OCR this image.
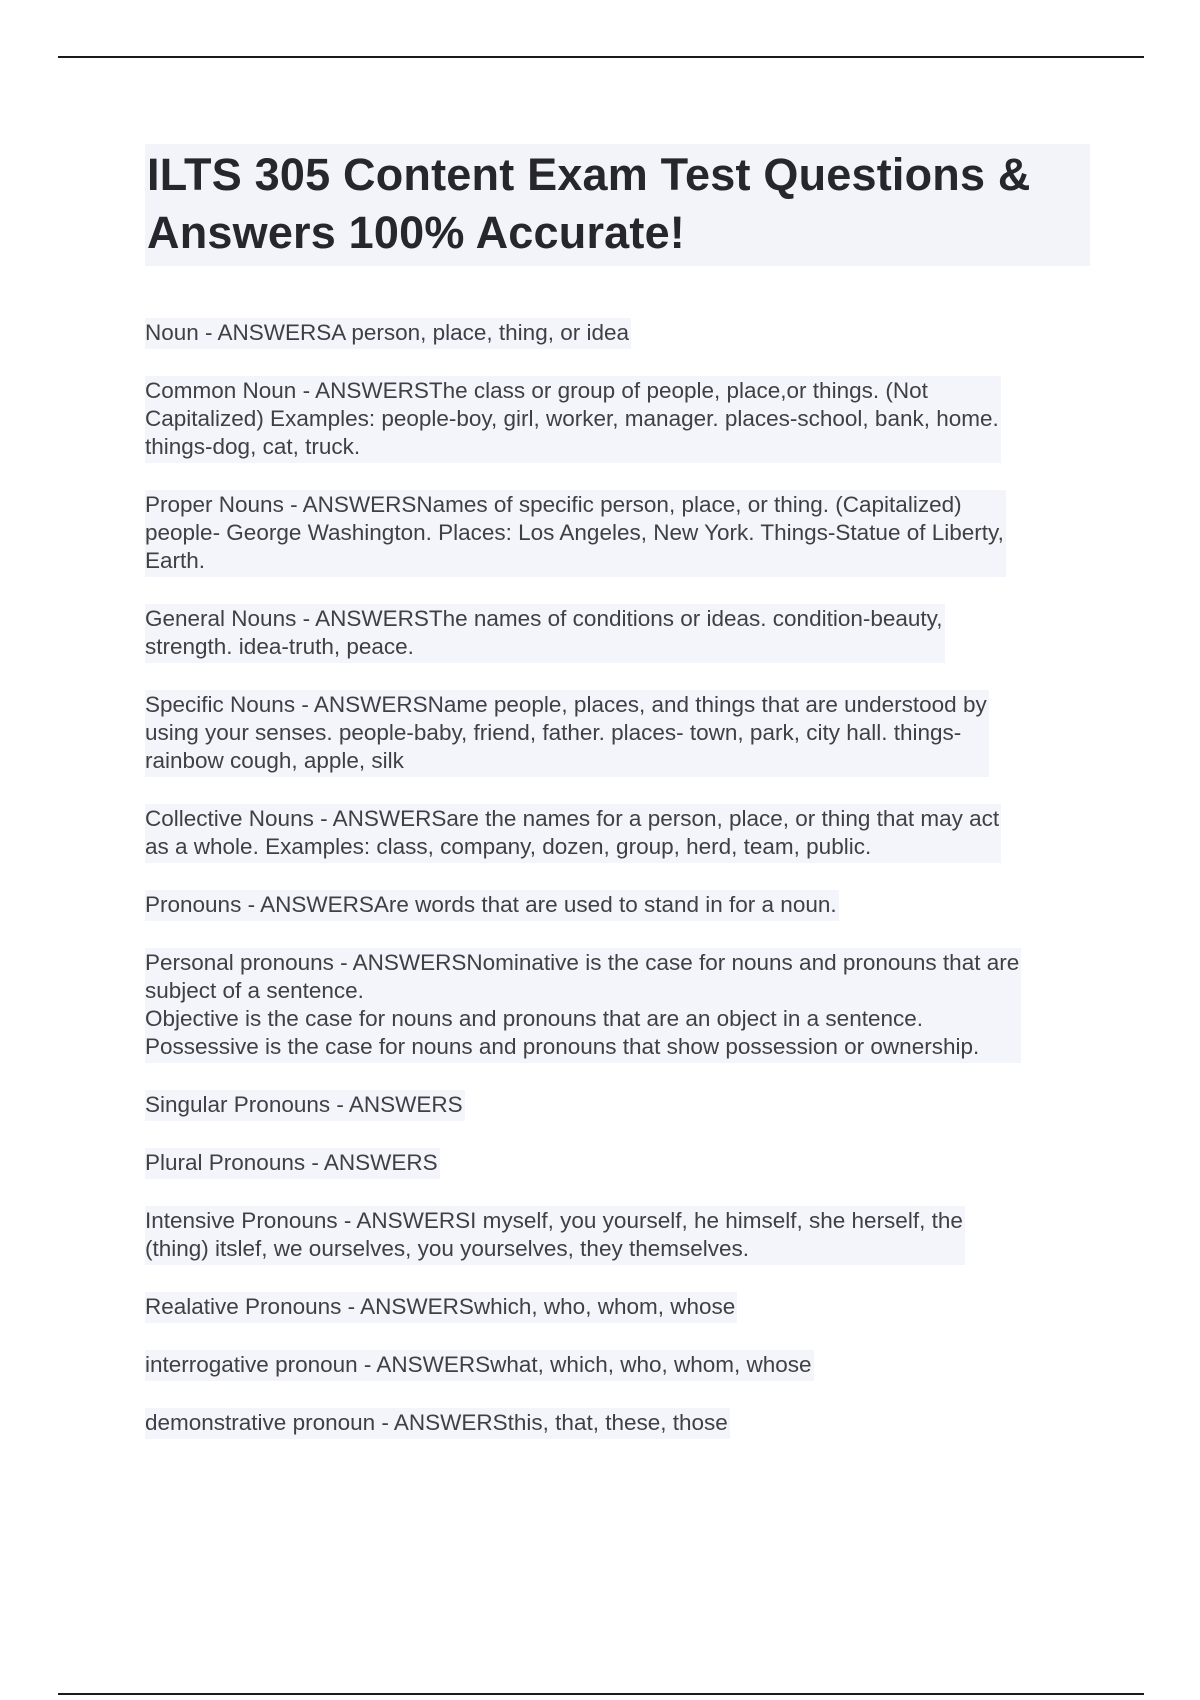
ILTS 305 Content Exam Test Questions & Answers 100% Accurate!
Noun - ANSWERSA person, place, thing, or idea
Common Noun - ANSWERSThe class or group of people, place,or things. (Not
Capitalized) Examples: people-boy, girl, worker, manager. places-school, bank, home.
things-dog, cat, truck.
Proper Nouns - ANSWERSNames of specific person, place, or thing. (Capitalized)
people- George Washington. Places: Los Angeles, New York. Things-Statue of Liberty,
Earth.
General Nouns - ANSWERSThe names of conditions or ideas. condition-beauty,
strength. idea-truth, peace.
Specific Nouns - ANSWERSName people, places, and things that are understood by
using your senses. people-baby, friend, father. places- town, park, city hall. things-
rainbow cough, apple, silk
Collective Nouns - ANSWERSare the names for a person, place, or thing that may act
as a whole. Examples: class, company, dozen, group, herd, team, public.
Pronouns - ANSWERSAre words that are used to stand in for a noun.
Personal pronouns - ANSWERSNominative is the case for nouns and pronouns that are
subject of a sentence.
Objective is the case for nouns and pronouns that are an object in a sentence.
Possessive is the case for nouns and pronouns that show possession or ownership.
Singular Pronouns - ANSWERS
Plural Pronouns - ANSWERS
Intensive Pronouns - ANSWERSI myself, you yourself, he himself, she herself, the
(thing) itslef, we ourselves, you yourselves, they themselves.
Realative Pronouns - ANSWERSwhich, who, whom, whose
interrogative pronoun - ANSWERSwhat, which, who, whom, whose
demonstrative pronoun - ANSWERSthis, that, these, those
